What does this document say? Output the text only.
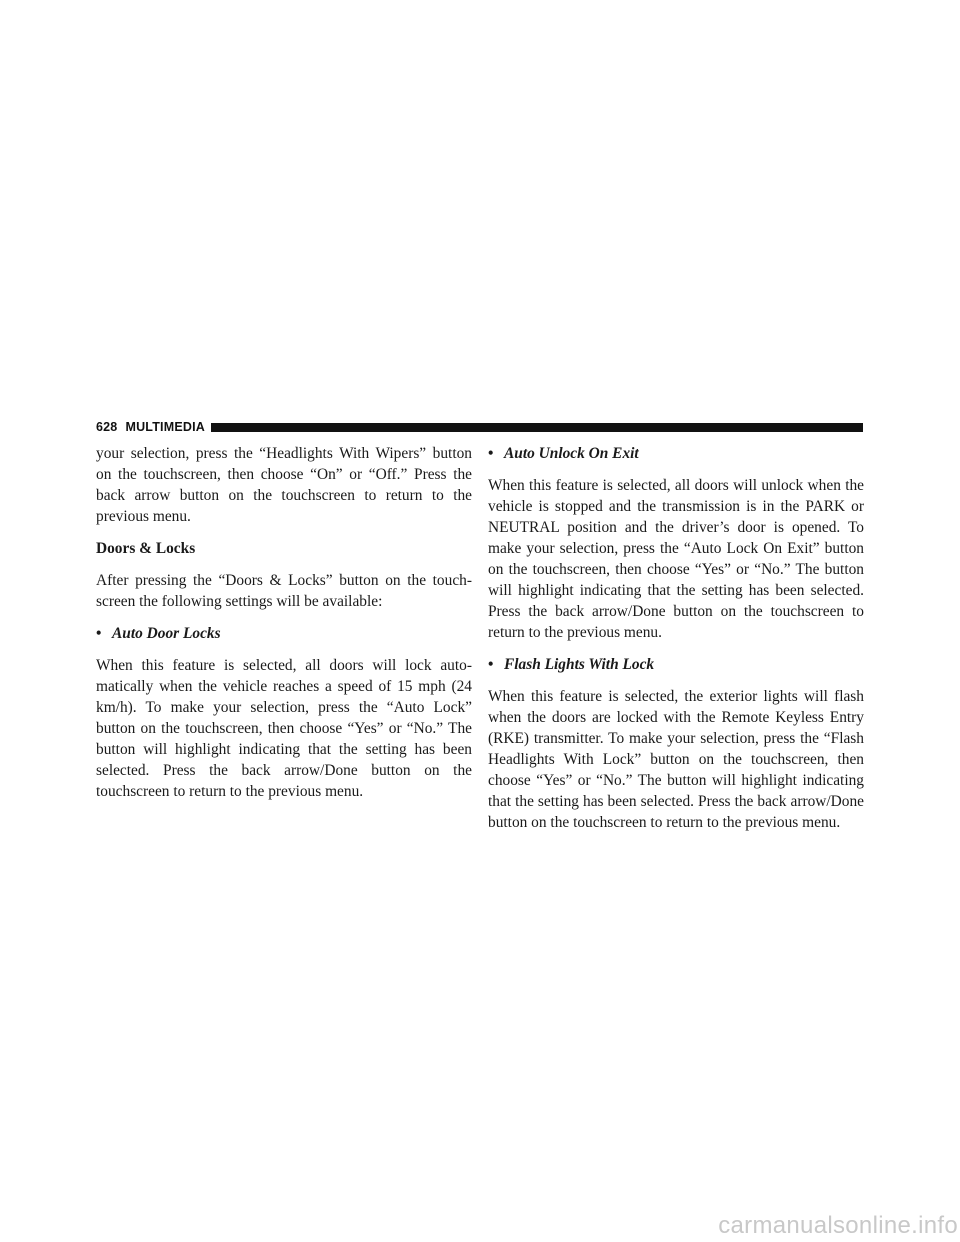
628 MULTIMEDIA

your selection, press the “Headlights With Wipers” button on the touchscreen, then choose “On” or “Off.” Press the back arrow button on the touchscreen to return to the previous menu.

Doors & Locks

After pressing the “Doors & Locks” button on the touchscreen the following settings will be available:

• Auto Door Locks

When this feature is selected, all doors will lock automatically when the vehicle reaches a speed of 15 mph (24 km/h). To make your selection, press the “Auto Lock” button on the touchscreen, then choose “Yes” or “No.” The button will highlight indicating that the setting has been selected. Press the back arrow/Done button on the touchscreen to return to the previous menu.

• Auto Unlock On Exit

When this feature is selected, all doors will unlock when the vehicle is stopped and the transmission is in the PARK or NEUTRAL position and the driver’s door is opened. To make your selection, press the “Auto Lock On Exit” button on the touchscreen, then choose “Yes” or “No.” The button will highlight indicating that the setting has been selected. Press the back arrow/Done button on the touchscreen to return to the previous menu.

• Flash Lights With Lock

When this feature is selected, the exterior lights will flash when the doors are locked with the Remote Keyless Entry (RKE) transmitter. To make your selection, press the “Flash Headlights With Lock” button on the touchscreen, then choose “Yes” or “No.” The button will highlight indicating that the setting has been selected. Press the back arrow/Done button on the touchscreen to return to the previous menu.

carmanualsonline.info
